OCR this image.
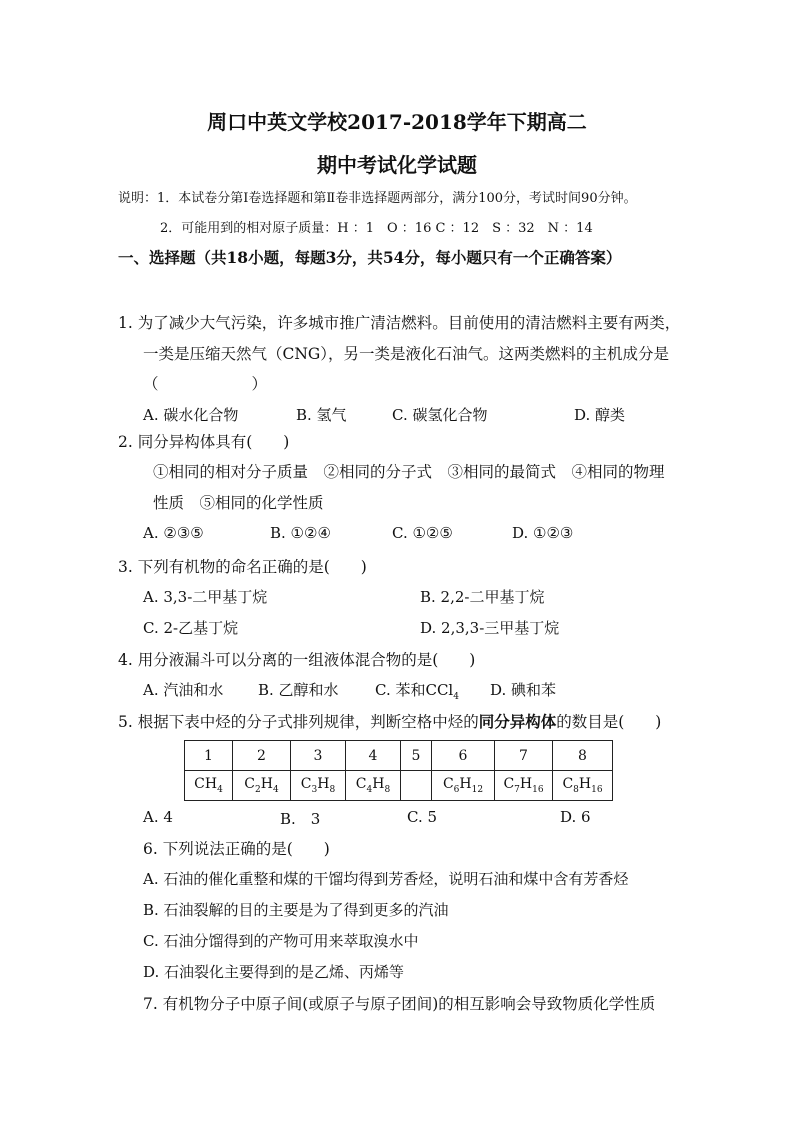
周口中英文学校2017-2018学年下期高二
期中考试化学试题
说明：1．本试卷分第Ⅰ卷选择题和第Ⅱ卷非选择题两部分，满分100分，考试时间90分钟。
2．可能用到的相对原子质量：H ：1　O ：16 C ：12　S ：32　N ：14
一、选择题（共18小题，每题3分，共54分，每小题只有一个正确答案）
1. 为了减少大气污染，许多城市推广清洁燃料。目前使用的清洁燃料主要有两类，
一类是压缩天然气（CNG），另一类是液化石油气。这两类燃料的主机成分是
（　　　　　　）
A. 碳水化合物	B. 氢气	C. 碳氢化合物	D. 醇类
2. 同分异构体具有(　　)
①相同的相对分子质量　②相同的分子式　③相同的最简式　④相同的物理
性质　⑤相同的化学性质
A. ②③⑤	B. ①②④	C. ①②⑤	D. ①②③
3. 下列有机物的命名正确的是(　　)
A. 3,3-二甲基丁烷	B. 2,2-二甲基丁烷
C. 2-乙基丁烷	D. 2,3,3-三甲基丁烷
4. 用分液漏斗可以分离的一组液体混合物的是(　　)
A. 汽油和水 B. 乙醇和水 C. 苯和CCl$_4$ D. 碘和苯
5. 根据下表中烃的分子式排列规律，判断空格中烃的同分异构体的数目是(　　)
1	2	3	4	5	6	7	8
$CH_4$	$C_2H_4$	$C_3H_8$	$C_4H_8$		$C_6H_{12}$	$C_7H_{16}$	$C_8H_{16}$
A. 4	B.　3	C. 5	D. 6
6. 下列说法正确的是(　　)
A. 石油的催化重整和煤的干馏均得到芳香烃，说明石油和煤中含有芳香烃
B. 石油裂解的目的主要是为了得到更多的汽油
C. 石油分馏得到的产物可用来萃取溴水中
D. 石油裂化主要得到的是乙烯、丙烯等
7. 有机物分子中原子间(或原子与原子团间)的相互影响会导致物质化学性质
